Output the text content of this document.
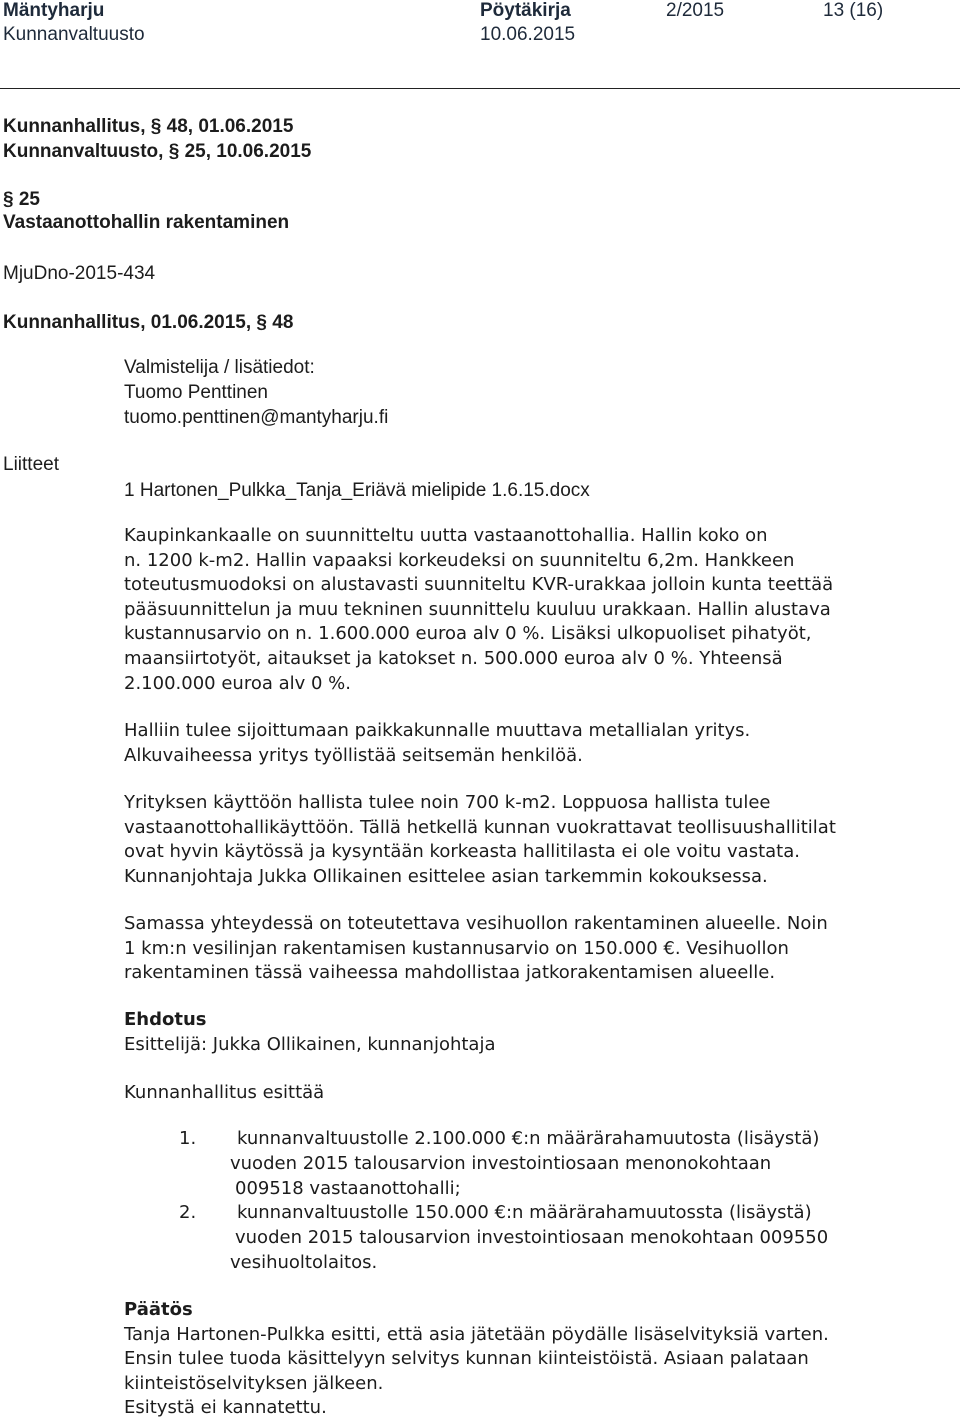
Mäntyharju
Kunnanvaltuusto
Pöytäkirja
10.06.2015
2/2015	13 (16)
Kunnanhallitus, § 48, 01.06.2015
Kunnanvaltuusto, § 25, 10.06.2015
§ 25
Vastaanottohallin rakentaminen
MjuDno-2015-434
Kunnanhallitus, 01.06.2015, § 48
Valmistelija / lisätiedot:
Tuomo Penttinen
tuomo.penttinen@mantyharju.fi
Liitteet
1 Hartonen_Pulkka_Tanja_Eriävä mielipide 1.6.15.docx

Kaupinkankaalle on suunnitteltu uutta vastaanottohallia. Hallin koko on

n. 1200 k-m2. Hallin vapaaksi korkeudeksi on suunniteltu 6,2m. Hankkeen

toteutusmuodoksi on alustavasti suunniteltu KVR-urakkaa jolloin kunta teettää

pääsuunnittelun ja muu tekninen suunnittelu kuuluu urakkaan. Hallin alustava

kustannusarvio on n. 1.600.000 euroa alv 0 %. Lisäksi ulkopuoliset pihatyöt,

maansiirtotyöt, aitaukset ja katokset n. 500.000 euroa alv 0 %. Yhteensä

2.100.000 euroa alv 0 %.

Halliin tulee sijoittumaan paikkakunnalle muuttava metallialan yritys.

Alkuvaiheessa yritys työllistää seitsemän henkilöä.

Yrityksen käyttöön hallista tulee noin 700 k-m2. Loppuosa hallista tulee

vastaanottohallikäyttöön. Tällä hetkellä kunnan vuokrattavat teollisuushallitilat

ovat hyvin käytössä ja kysyntään korkeasta hallitilasta ei ole voitu vastata.

Kunnanjohtaja Jukka Ollikainen esittelee asian tarkemmin kokouksessa.

Samassa yhteydessä on toteutettava vesihuollon rakentaminen alueelle. Noin

1 km:n vesilinjan rakentamisen kustannusarvio on 150.000 €. Vesihuollon

rakentaminen tässä vaiheessa mahdollistaa jatkorakentamisen alueelle.

Ehdotus

Esittelijä: Jukka Ollikainen, kunnanjohtaja

Kunnanhallitus esittää
1. kunnanvaltuustolle 2.100.000 €:n määrärahamuutosta (lisäystä)
vuoden 2015 talousarvion investointiosaan menonokohtaan
009518 vastaanottohalli;
2. kunnanvaltuustolle 150.000 €:n määrärahamuutossta (lisäystä)
vuoden 2015 talousarvion investointiosaan menokohtaan 009550
vesihuoltolaitos.

Päätös

Tanja Hartonen-Pulkka esitti, että asia jätetään pöydälle lisäselvityksiä varten.

Ensin tulee tuoda käsittelyyn selvitys kunnan kiinteistöistä. Asiaan palataan

kiinteistöselvityksen jälkeen.

Esitystä ei kannatettu.
